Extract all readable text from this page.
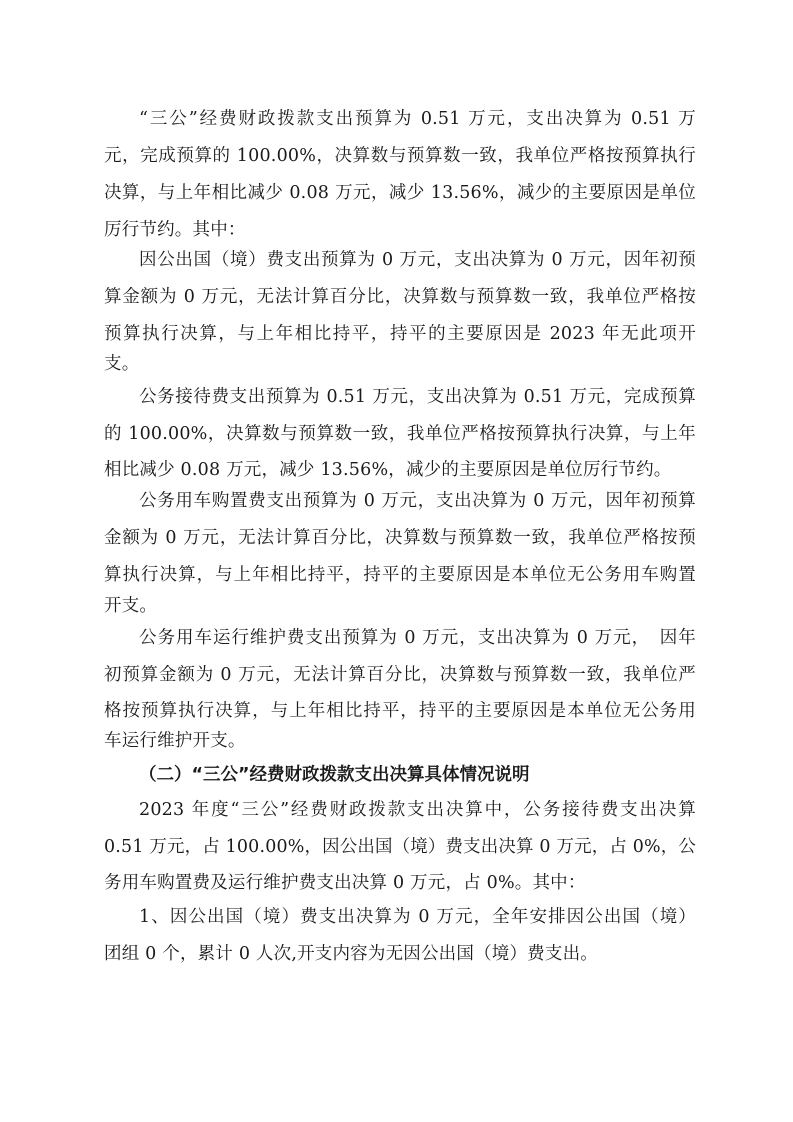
“三公”经费财政拨款支出预算为 0.51 万元，支出决算为 0.51 万
元，完成预算的 100.00%，决算数与预算数一致，我单位严格按预算执行
决算，与上年相比减少 0.08 万元，减少 13.56%，减少的主要原因是单位
厉行节约。其中：
因公出国（境）费支出预算为 0 万元，支出决算为 0 万元，因年初预
算金额为 0 万元，无法计算百分比，决算数与预算数一致，我单位严格按
预算执行决算，与上年相比持平，持平的主要原因是 2023 年无此项开
支。
公务接待费支出预算为 0.51 万元，支出决算为 0.51 万元，完成预算
的 100.00%，决算数与预算数一致，我单位严格按预算执行决算，与上年
相比减少 0.08 万元，减少 13.56%，减少的主要原因是单位厉行节约。
公务用车购置费支出预算为 0 万元，支出决算为 0 万元，因年初预算
金额为 0 万元，无法计算百分比，决算数与预算数一致，我单位严格按预
算执行决算，与上年相比持平，持平的主要原因是本单位无公务用车购置
开支。
公务用车运行维护费支出预算为 0 万元，支出决算为 0 万元，　因年
初预算金额为 0 万元，无法计算百分比，决算数与预算数一致，我单位严
格按预算执行决算，与上年相比持平，持平的主要原因是本单位无公务用
车运行维护开支。
（二）“三公”经费财政拨款支出决算具体情况说明
2023 年度“三公”经费财政拨款支出决算中，公务接待费支出决算
0.51 万元，占 100.00%，因公出国（境）费支出决算 0 万元，占 0%，公
务用车购置费及运行维护费支出决算 0 万元，占 0%。其中：
1、因公出国（境）费支出决算为 0 万元，全年安排因公出国（境）
团组 0 个，累计 0 人次,开支内容为无因公出国（境）费支出。
